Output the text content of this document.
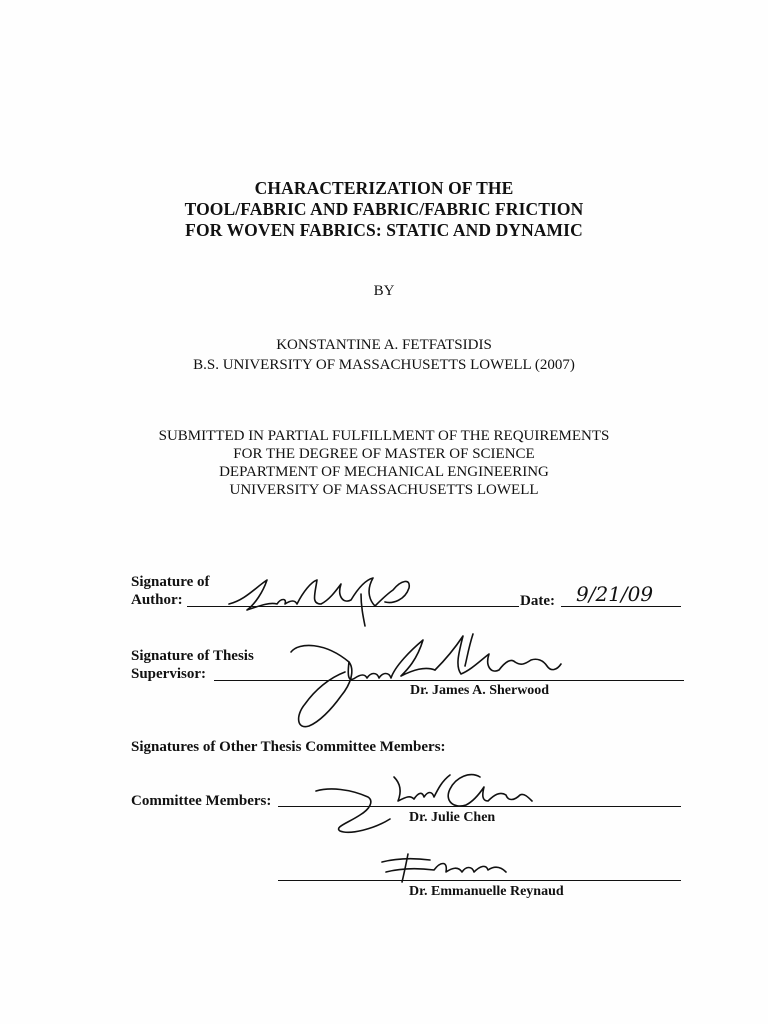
CHARACTERIZATION OF THE
TOOL/FABRIC AND FABRIC/FABRIC FRICTION
FOR WOVEN FABRICS: STATIC AND DYNAMIC
BY
KONSTANTINE A. FETFATSIDIS
B.S. UNIVERSITY OF MASSACHUSETTS LOWELL (2007)
SUBMITTED IN PARTIAL FULFILLMENT OF THE REQUIREMENTS
FOR THE DEGREE OF MASTER OF SCIENCE
DEPARTMENT OF MECHANICAL ENGINEERING
UNIVERSITY OF MASSACHUSETTS LOWELL
Signature of
Author:	Date: 9/21/09
Signature of Thesis
Supervisor:
Dr. James A. Sherwood
Signatures of Other Thesis Committee Members:
Committee Members:
Dr. Julie Chen
Dr. Emmanuelle Reynaud
